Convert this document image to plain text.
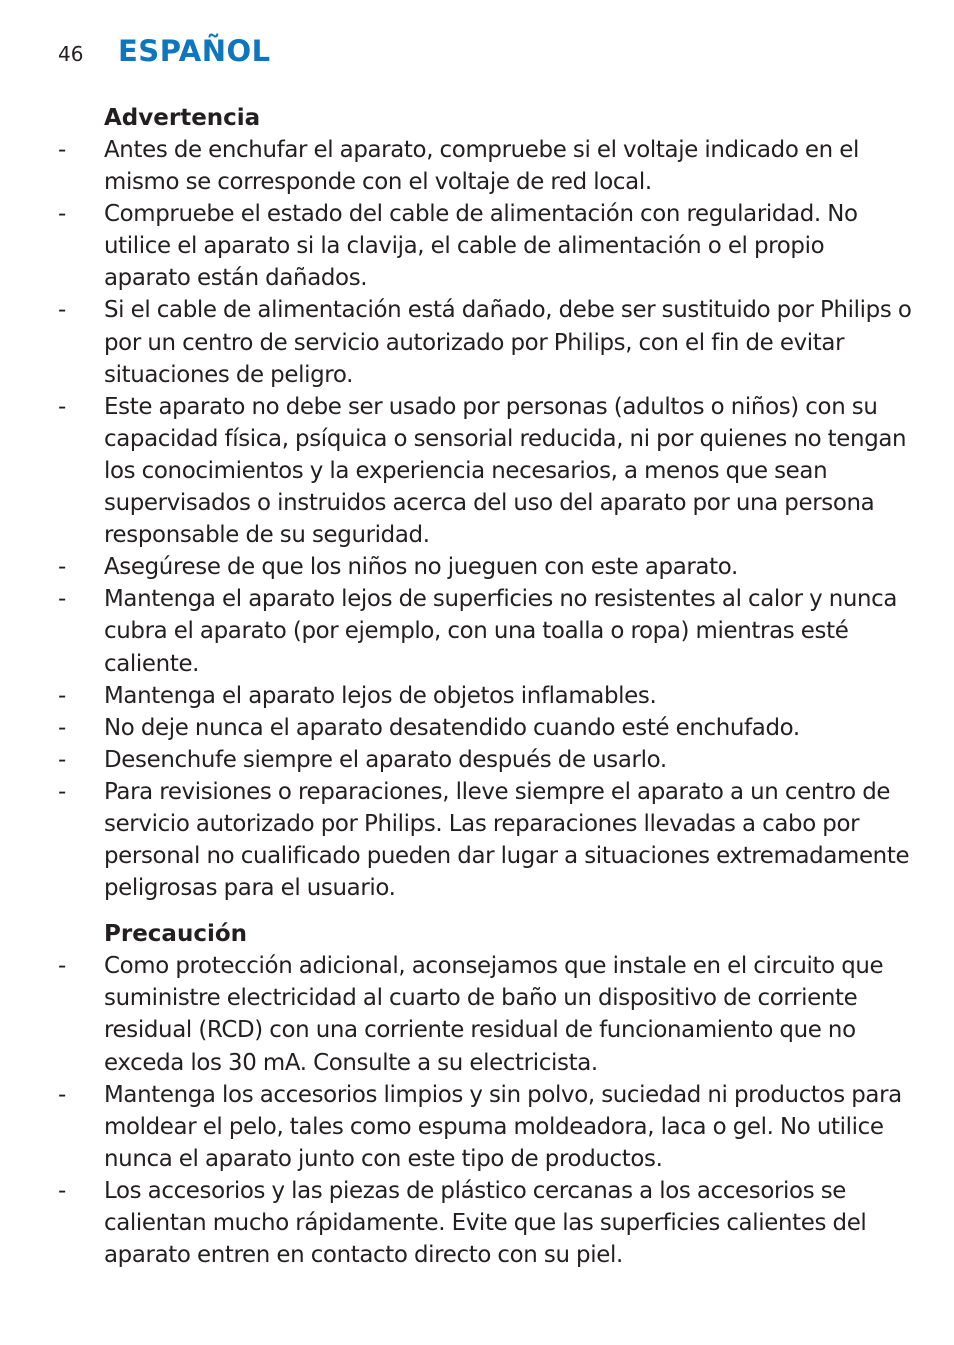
46	ESPAÑOL
Advertencia
-	Antes de enchufar el aparato, compruebe si el voltaje indicado en el mismo se corresponde con el voltaje de red local.
-	Compruebe el estado del cable de alimentación con regularidad. No utilice el aparato si la clavija, el cable de alimentación o el propio aparato están dañados.
-	Si el cable de alimentación está dañado, debe ser sustituido por Philips o por un centro de servicio autorizado por Philips, con el fin de evitar situaciones de peligro.
-	Este aparato no debe ser usado por personas (adultos o niños) con su capacidad física, psíquica o sensorial reducida, ni por quienes no tengan los conocimientos y la experiencia necesarios, a menos que sean supervisados o instruidos acerca del uso del aparato por una persona responsable de su seguridad.
-	Asegúrese de que los niños no jueguen con este aparato.
-	Mantenga el aparato lejos de superficies no resistentes al calor y nunca cubra el aparato (por ejemplo, con una toalla o ropa) mientras esté caliente.
-	Mantenga el aparato lejos de objetos inflamables.
-	No deje nunca el aparato desatendido cuando esté enchufado.
-	Desenchufe siempre el aparato después de usarlo.
-	Para revisiones o reparaciones, lleve siempre el aparato a un centro de servicio autorizado por Philips. Las reparaciones llevadas a cabo por personal no cualificado pueden dar lugar a situaciones extremadamente peligrosas para el usuario.
Precaución
-	Como protección adicional, aconsejamos que instale en el circuito que suministre electricidad al cuarto de baño un dispositivo de corriente residual (RCD) con una corriente residual de funcionamiento que no exceda los 30 mA. Consulte a su electricista.
-	Mantenga los accesorios limpios y sin polvo, suciedad ni productos para moldear el pelo, tales como espuma moldeadora, laca o gel. No utilice nunca el aparato junto con este tipo de productos.
-	Los accesorios y las piezas de plástico cercanas a los accesorios se calientan mucho rápidamente. Evite que las superficies calientes del aparato entren en contacto directo con su piel.
